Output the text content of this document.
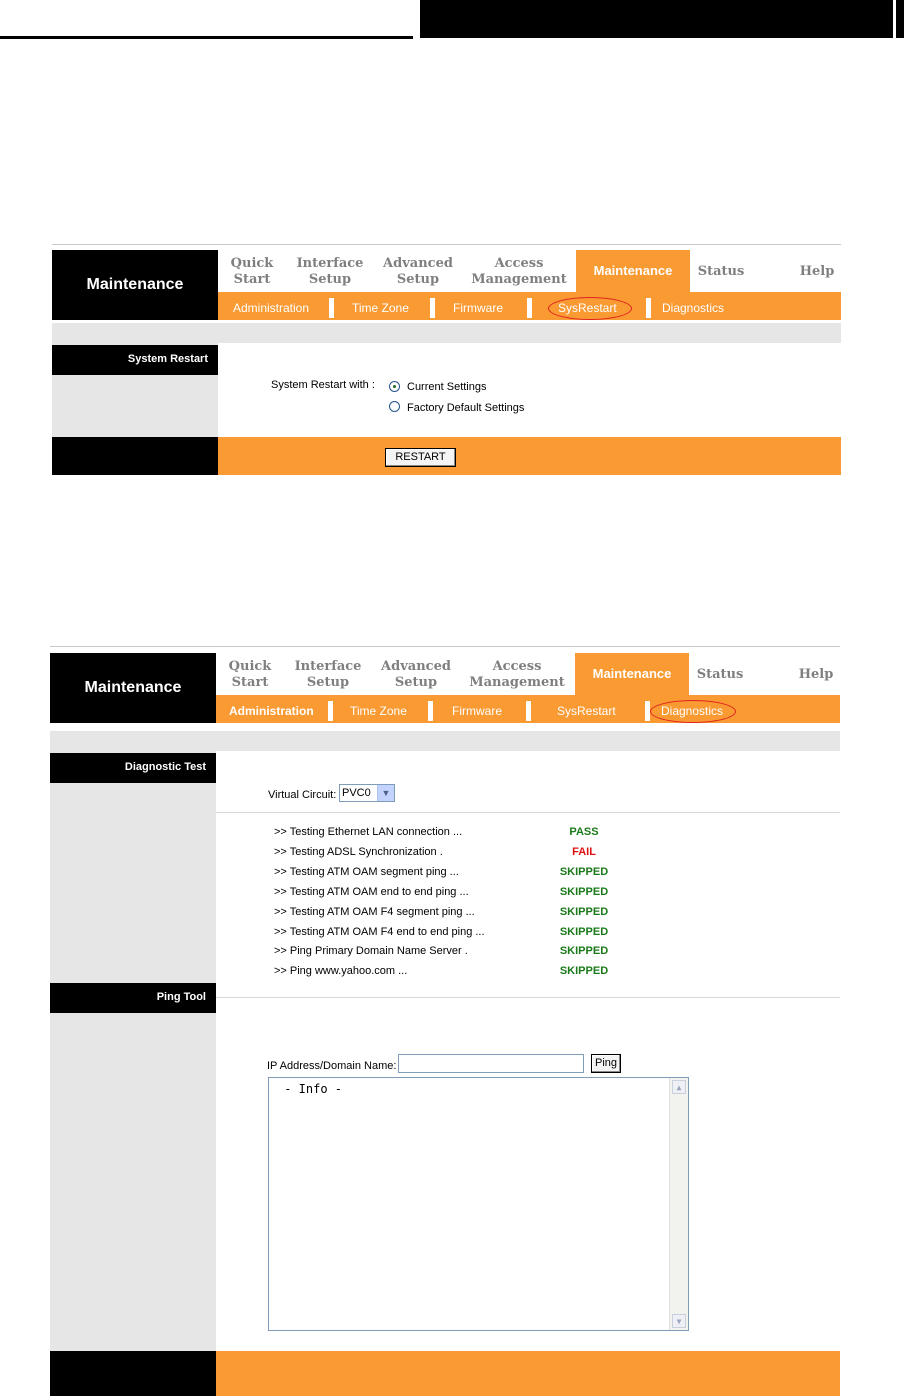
Maintenance
Quick
Start
Interface
Setup
Advanced
Setup
Access
Management
Maintenance	Status	Help
Administration	Time Zone	Firmware	SysRestart	Diagnostics
System Restart
System Restart with :	Current Settings
Factory Default Settings
RESTART
Maintenance
Quick
Start
Interface
Setup
Advanced
Setup
Access
Management
Maintenance	Status	Help
Administration	Time Zone	Firmware	SysRestart	Diagnostics
Diagnostic Test
Virtual Circuit: PVC0	▼
>> Testing Ethernet LAN connection ...	PASS
>> Testing ADSL Synchronization .	FAIL
>> Testing ATM OAM segment ping ...	SKIPPED
>> Testing ATM OAM end to end ping ...	SKIPPED
>> Testing ATM OAM F4 segment ping ...	SKIPPED
>> Testing ATM OAM F4 end to end ping ...	SKIPPED
>> Ping Primary Domain Name Server .	SKIPPED
>> Ping www.yahoo.com ...	SKIPPED
Ping Tool
IP Address/Domain Name:	Ping
- Info -	▲
▼
